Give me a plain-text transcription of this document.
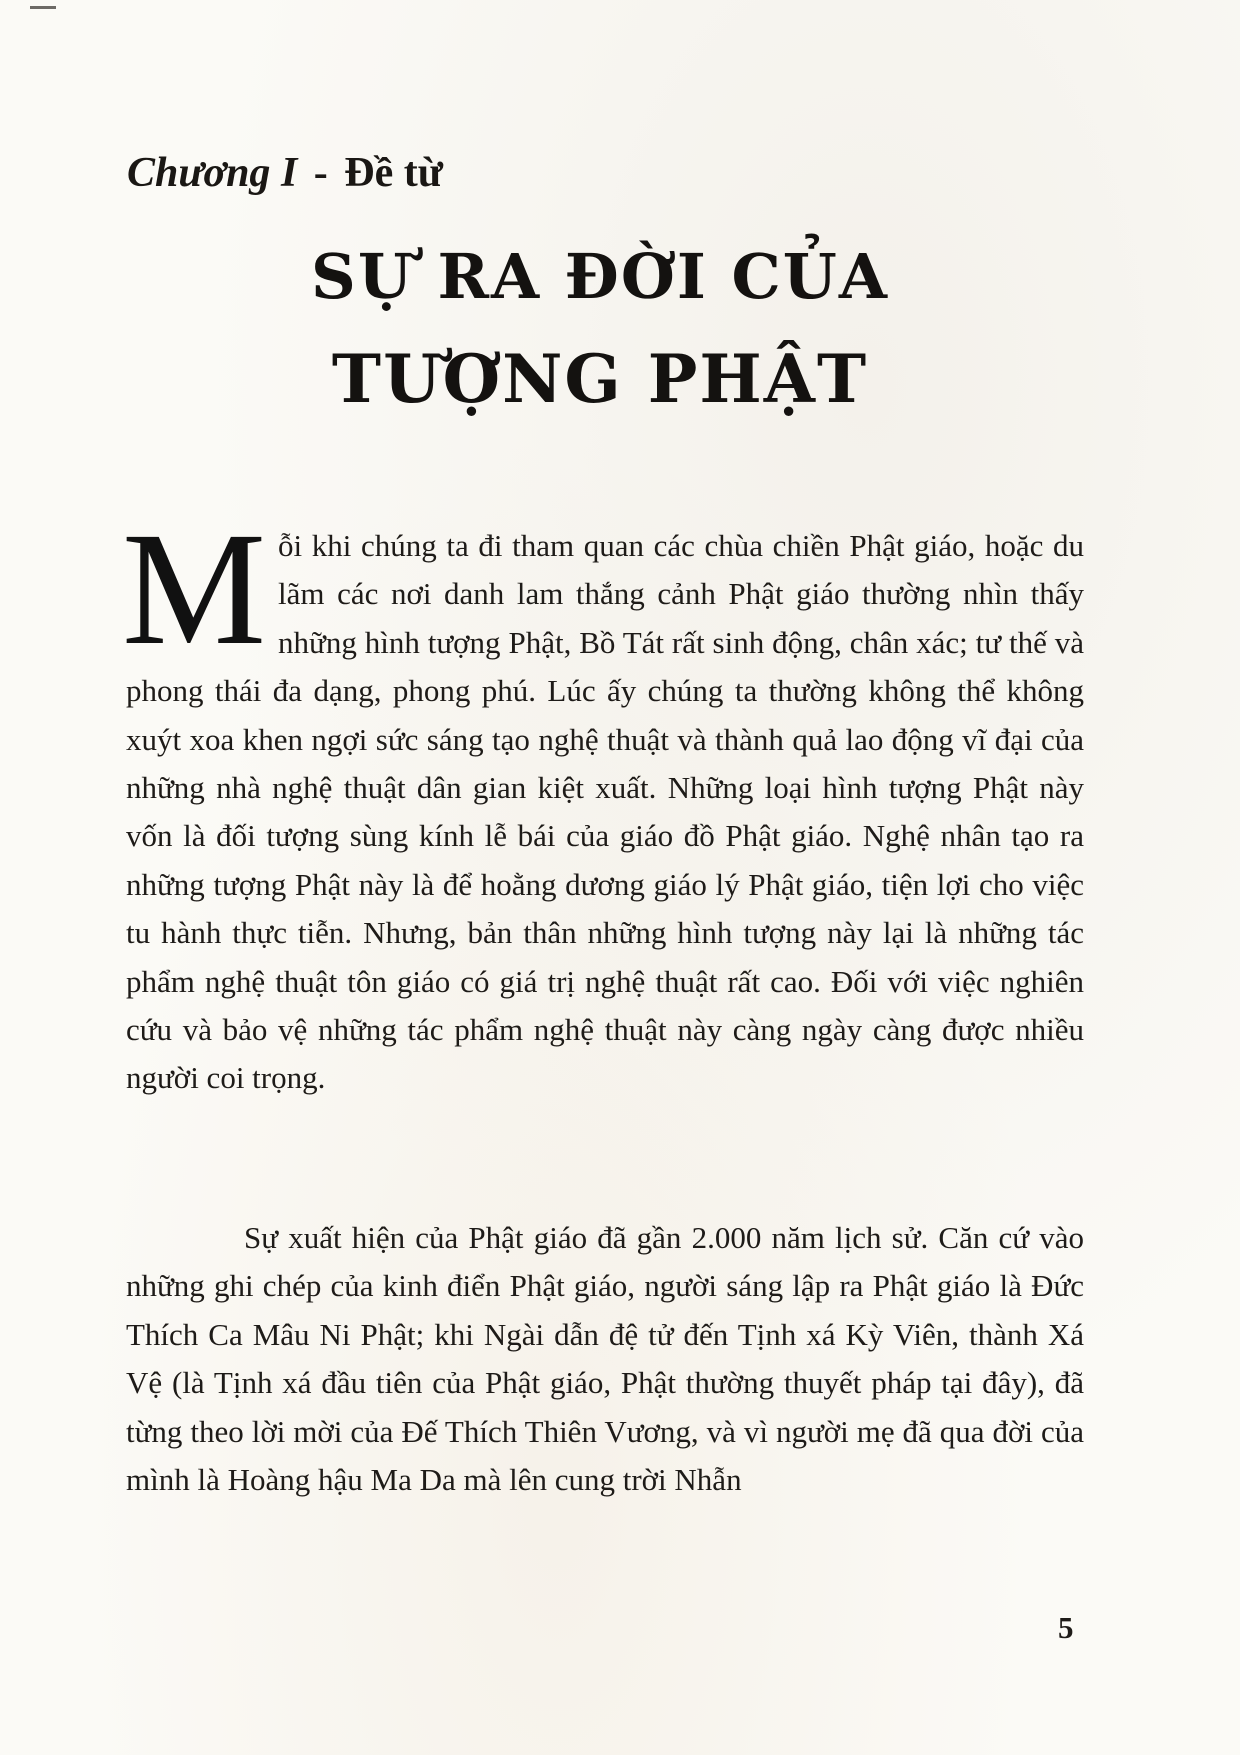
Chương I - Đề từ
SỰ RA ĐỜI CỦA
TƯỢNG PHẬT
Mỗi khi chúng ta đi tham quan các chùa chiền Phật giáo, hoặc du lãm các nơi danh lam thắng cảnh Phật giáo thường nhìn thấy những hình tượng Phật, Bồ Tát rất sinh động, chân xác; tư thế và phong thái đa dạng, phong phú. Lúc ấy chúng ta thường không thể không xuýt xoa khen ngợi sức sáng tạo nghệ thuật và thành quả lao động vĩ đại của những nhà nghệ thuật dân gian kiệt xuất. Những loại hình tượng Phật này vốn là đối tượng sùng kính lễ bái của giáo đồ Phật giáo. Nghệ nhân tạo ra những tượng Phật này là để hoằng dương giáo lý Phật giáo, tiện lợi cho việc tu hành thực tiễn. Nhưng, bản thân những hình tượng này lại là những tác phẩm nghệ thuật tôn giáo có giá trị nghệ thuật rất cao. Đối với việc nghiên cứu và bảo vệ những tác phẩm nghệ thuật này càng ngày càng được nhiều người coi trọng.
Sự xuất hiện của Phật giáo đã gần 2.000 năm lịch sử. Căn cứ vào những ghi chép của kinh điển Phật giáo, người sáng lập ra Phật giáo là Đức Thích Ca Mâu Ni Phật; khi Ngài dẫn đệ tử đến Tịnh xá Kỳ Viên, thành Xá Vệ (là Tịnh xá đầu tiên của Phật giáo, Phật thường thuyết pháp tại đây), đã từng theo lời mời của Đế Thích Thiên Vương, và vì người mẹ đã qua đời của mình là Hoàng hậu Ma Da mà lên cung trời Nhẫn
5
